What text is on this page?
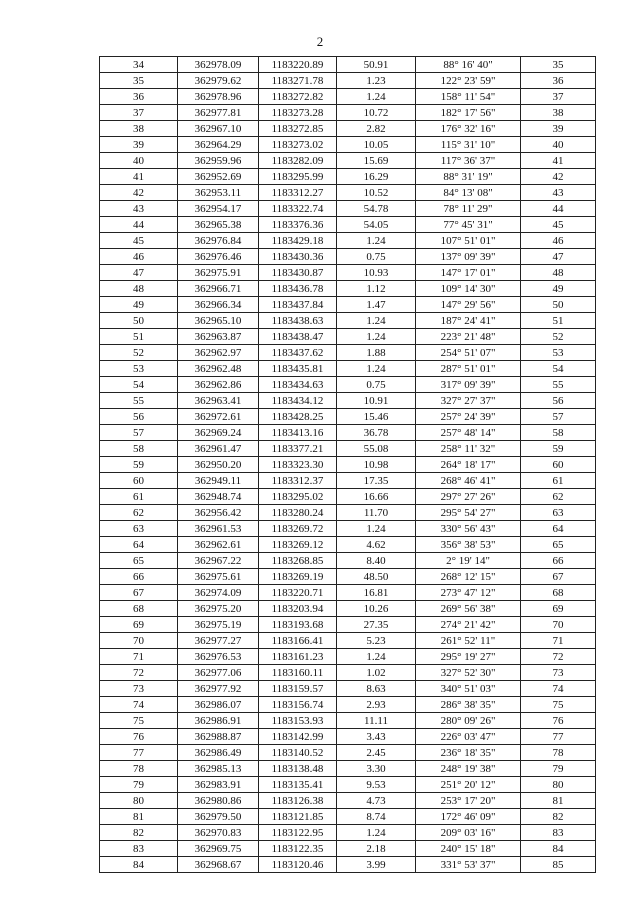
2
34	362978.09	1183220.89	50.91	88° 16' 40"	35
35	362979.62	1183271.78	1.23	122° 23' 59"	36
36	362978.96	1183272.82	1.24	158° 11' 54"	37
37	362977.81	1183273.28	10.72	182° 17' 56"	38
38	362967.10	1183272.85	2.82	176° 32' 16"	39
39	362964.29	1183273.02	10.05	115° 31' 10"	40
40	362959.96	1183282.09	15.69	117° 36' 37"	41
41	362952.69	1183295.99	16.29	88° 31' 19"	42
42	362953.11	1183312.27	10.52	84° 13' 08"	43
43	362954.17	1183322.74	54.78	78° 11' 29"	44
44	362965.38	1183376.36	54.05	77° 45' 31"	45
45	362976.84	1183429.18	1.24	107° 51' 01"	46
46	362976.46	1183430.36	0.75	137° 09' 39"	47
47	362975.91	1183430.87	10.93	147° 17' 01"	48
48	362966.71	1183436.78	1.12	109° 14' 30"	49
49	362966.34	1183437.84	1.47	147° 29' 56"	50
50	362965.10	1183438.63	1.24	187° 24' 41"	51
51	362963.87	1183438.47	1.24	223° 21' 48"	52
52	362962.97	1183437.62	1.88	254° 51' 07"	53
53	362962.48	1183435.81	1.24	287° 51' 01"	54
54	362962.86	1183434.63	0.75	317° 09' 39"	55
55	362963.41	1183434.12	10.91	327° 27' 37"	56
56	362972.61	1183428.25	15.46	257° 24' 39"	57
57	362969.24	1183413.16	36.78	257° 48' 14"	58
58	362961.47	1183377.21	55.08	258° 11' 32"	59
59	362950.20	1183323.30	10.98	264° 18' 17"	60
60	362949.11	1183312.37	17.35	268° 46' 41"	61
61	362948.74	1183295.02	16.66	297° 27' 26"	62
62	362956.42	1183280.24	11.70	295° 54' 27"	63
63	362961.53	1183269.72	1.24	330° 56' 43"	64
64	362962.61	1183269.12	4.62	356° 38' 53"	65
65	362967.22	1183268.85	8.40	2° 19' 14"	66
66	362975.61	1183269.19	48.50	268° 12' 15"	67
67	362974.09	1183220.71	16.81	273° 47' 12"	68
68	362975.20	1183203.94	10.26	269° 56' 38"	69
69	362975.19	1183193.68	27.35	274° 21' 42"	70
70	362977.27	1183166.41	5.23	261° 52' 11"	71
71	362976.53	1183161.23	1.24	295° 19' 27"	72
72	362977.06	1183160.11	1.02	327° 52' 30"	73
73	362977.92	1183159.57	8.63	340° 51' 03"	74
74	362986.07	1183156.74	2.93	286° 38' 35"	75
75	362986.91	1183153.93	11.11	280° 09' 26"	76
76	362988.87	1183142.99	3.43	226° 03' 47"	77
77	362986.49	1183140.52	2.45	236° 18' 35"	78
78	362985.13	1183138.48	3.30	248° 19' 38"	79
79	362983.91	1183135.41	9.53	251° 20' 12"	80
80	362980.86	1183126.38	4.73	253° 17' 20"	81
81	362979.50	1183121.85	8.74	172° 46' 09"	82
82	362970.83	1183122.95	1.24	209° 03' 16"	83
83	362969.75	1183122.35	2.18	240° 15' 18"	84
84	362968.67	1183120.46	3.99	331° 53' 37"	85
